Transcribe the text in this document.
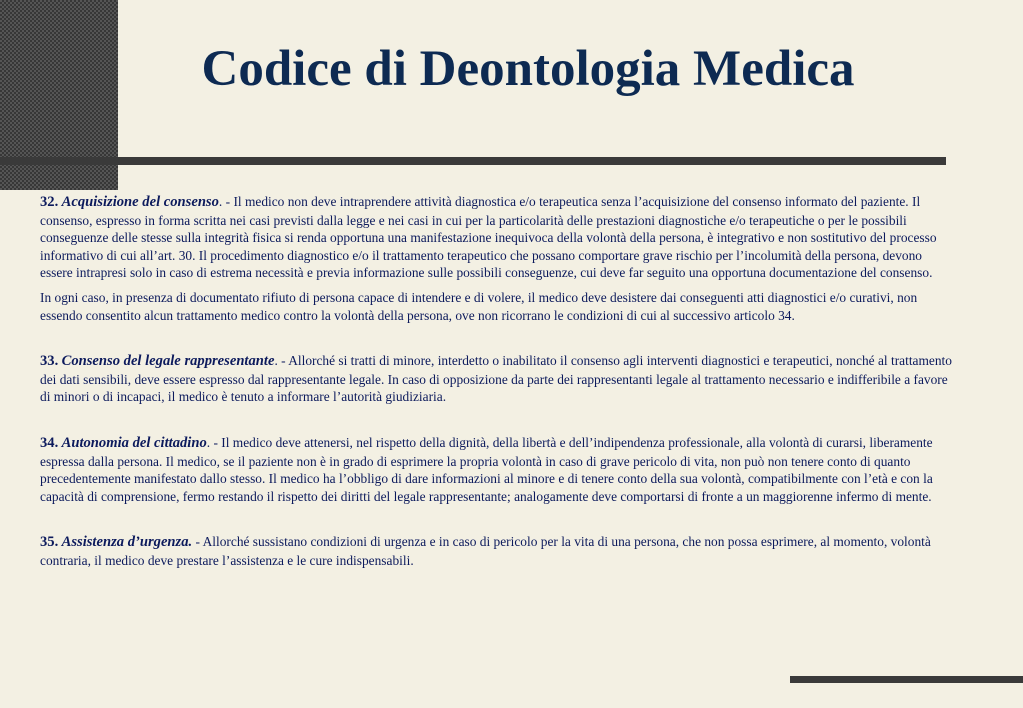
Codice di Deontologia Medica

32. Acquisizione del consenso. - Il medico non deve intraprendere attività diagnostica e/o terapeutica senza l’acquisizione del consenso informato del paziente. Il consenso, espresso in forma scritta nei casi previsti dalla legge e nei casi in cui per la particolarità delle prestazioni diagnostiche e/o terapeutiche o per le possibili conseguenze delle stesse sulla integrità fisica si renda opportuna una manifestazione inequivoca della volontà della persona, è integrativo e non sostitutivo del processo informativo di cui all’art. 30. Il procedimento diagnostico e/o il trattamento terapeutico che possano comportare grave rischio per l’incolumità della persona, devono essere intrapresi solo in caso di estrema necessità e previa informazione sulle possibili conseguenze, cui deve far seguito una opportuna documentazione del consenso.

In ogni caso, in presenza di documentato rifiuto di persona capace di intendere e di volere, il medico deve desistere dai conseguenti atti diagnostici e/o curativi, non essendo consentito alcun trattamento medico contro la volontà della persona, ove non ricorrano le condizioni di cui al successivo articolo 34.

33. Consenso del legale rappresentante. - Allorché si tratti di minore, interdetto o inabilitato il consenso agli interventi diagnostici e terapeutici, nonché al trattamento dei dati sensibili, deve essere espresso dal rappresentante legale. In caso di opposizione da parte dei rappresentanti legale al trattamento necessario e indifferibile a favore di minori o di incapaci, il medico è tenuto a informare l’autorità giudiziaria.

34. Autonomia del cittadino. - Il medico deve attenersi, nel rispetto della dignità, della libertà e dell’indipendenza professionale, alla volontà di curarsi, liberamente espressa dalla persona. Il medico, se il paziente non è in grado di esprimere la propria volontà in caso di grave pericolo di vita, non può non tenere conto di quanto precedentemente manifestato dallo stesso. Il medico ha l’obbligo di dare informazioni al minore e di tenere conto della sua volontà, compatibilmente con l’età e con la capacità di comprensione, fermo restando il rispetto dei diritti del legale rappresentante; analogamente deve comportarsi di fronte a un maggiorenne infermo di mente.

35. Assistenza d’urgenza. - Allorché sussistano condizioni di urgenza e in caso di pericolo per la vita di una persona, che non possa esprimere, al momento, volontà contraria, il medico deve prestare l’assistenza e le cure indispensabili.
